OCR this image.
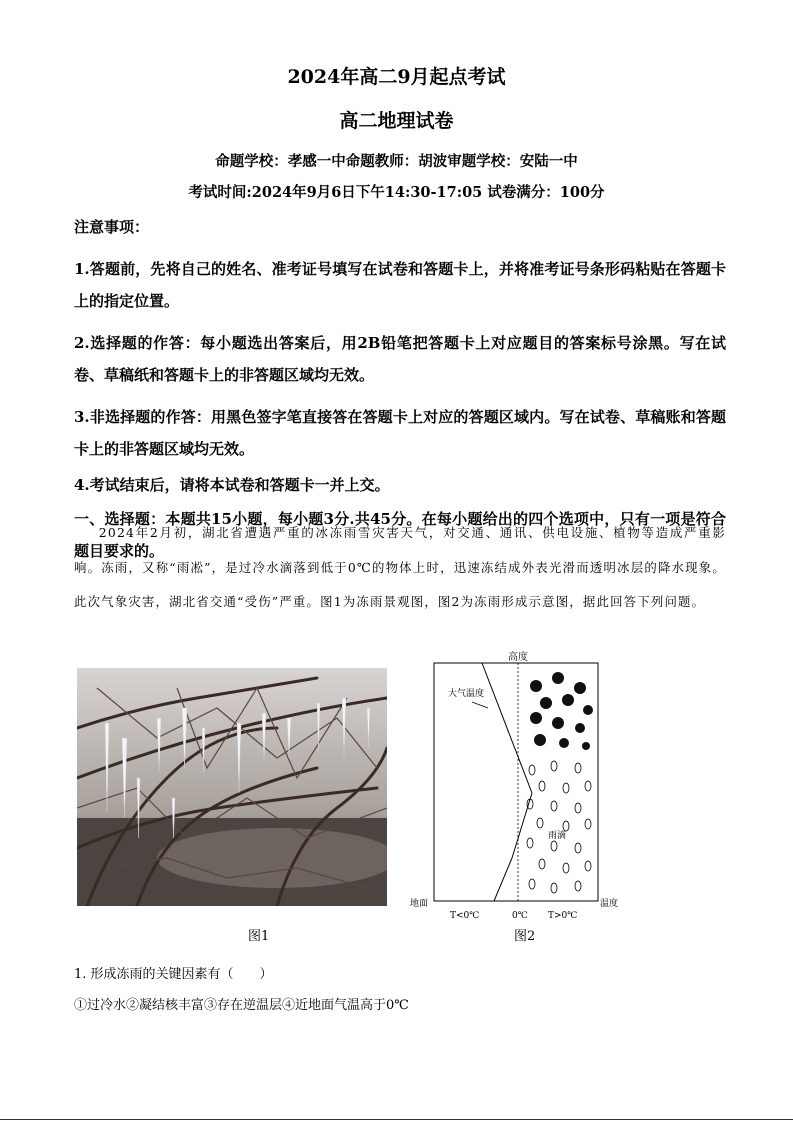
2024年高二9月起点考试
高二地理试卷
命题学校：孝感一中命题教师：胡波审题学校：安陆一中
考试时间:2024年9月6日下午14:30-17:05 试卷满分：100分

注意事项：

1.答题前，先将自己的姓名、准考证号填写在试卷和答题卡上，并将准考证号条形码粘贴在答题卡上的指定位置。

2.选择题的作答：每小题选出答案后，用2B铅笔把答题卡上对应题目的答案标号涂黑。写在试卷、草稿纸和答题卡上的非答题区域均无效。

3.非选择题的作答：用黑色签字笔直接答在答题卡上对应的答题区域内。写在试卷、草稿账和答题卡上的非答题区域均无效。

4.考试结束后，请将本试卷和答题卡一并上交。

一、选择题：本题共15小题，每小题3分.共45分。在每小题给出的四个选项中，只有一项是符合题目要求的。

2024年2月初，湖北省遭遇严重的冰冻雨雪灾害天气，对交通、通讯、供电设施、植物等造成严重影响。冻雨，又称“雨凇”，是过冷水滴落到低于0℃的物体上时，迅速冻结成外表光滑而透明冰层的降水现象。此次气象灾害，湖北省交通“受伤”严重。图1为冻雨景观图，图2为冻雨形成示意图，据此回答下列问题。

图1
高度
大气温度
雨滴
地面
T<0℃	0℃ T>0℃
温度
图2
1. 形成冻雨的关键因素有（　　）
①过冷水②凝结核丰富③存在逆温层④近地面气温高于0℃
